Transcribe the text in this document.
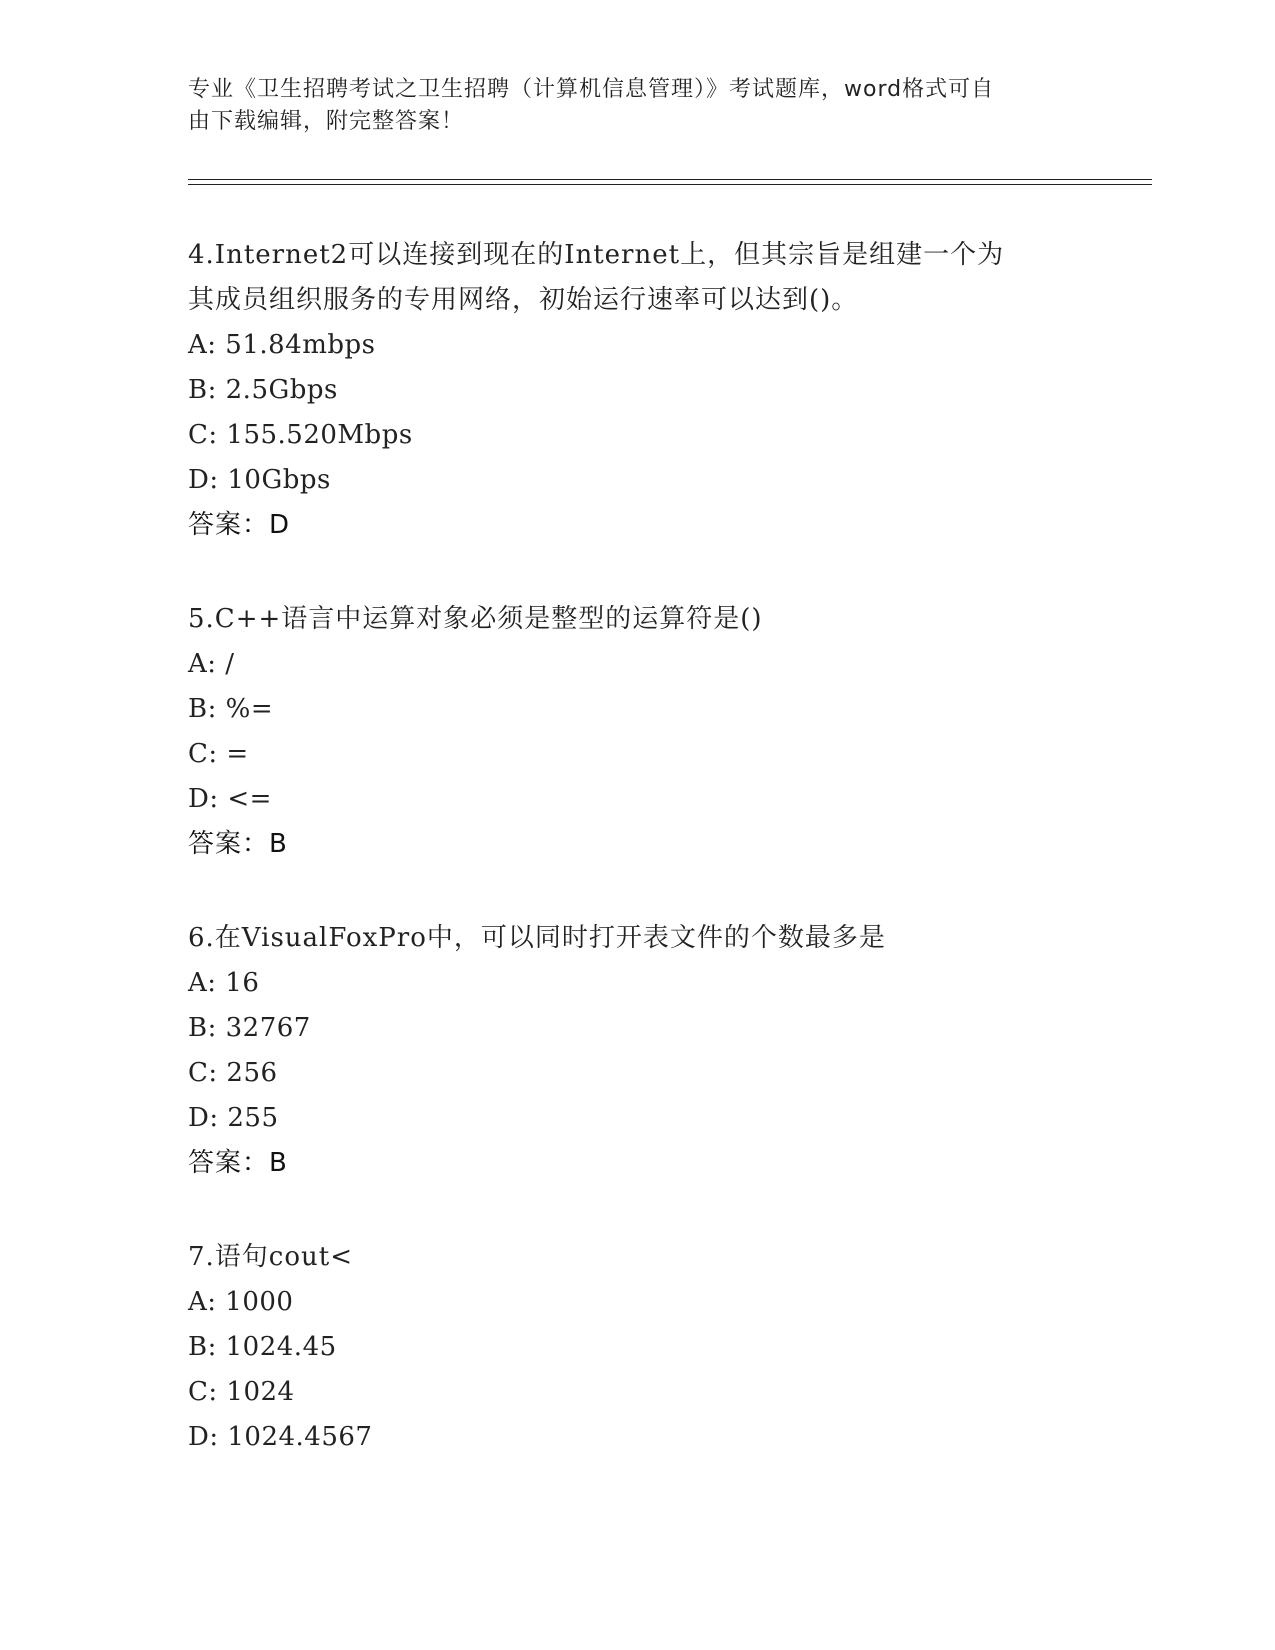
专业《卫生招聘考试之卫生招聘（计算机信息管理）》考试题库，word格式可自
由下载编辑，附完整答案！
4.Internet2可以连接到现在的Internet上，但其宗旨是组建一个为
其成员组织服务的专用网络，初始运行速率可以达到()。
A: 51.84mbps
B: 2.5Gbps
C: 155.520Mbps
D: 10Gbps
答案：D
5.C++语言中运算对象必须是整型的运算符是()
A: /
B: %=
C: =
D: <=
答案：B
6.在VisualFoxPro中，可以同时打开表文件的个数最多是
A: 16
B: 32767
C: 256
D: 255
答案：B
7.语句cout<
A: 1000
B: 1024.45
C: 1024
D: 1024.4567
